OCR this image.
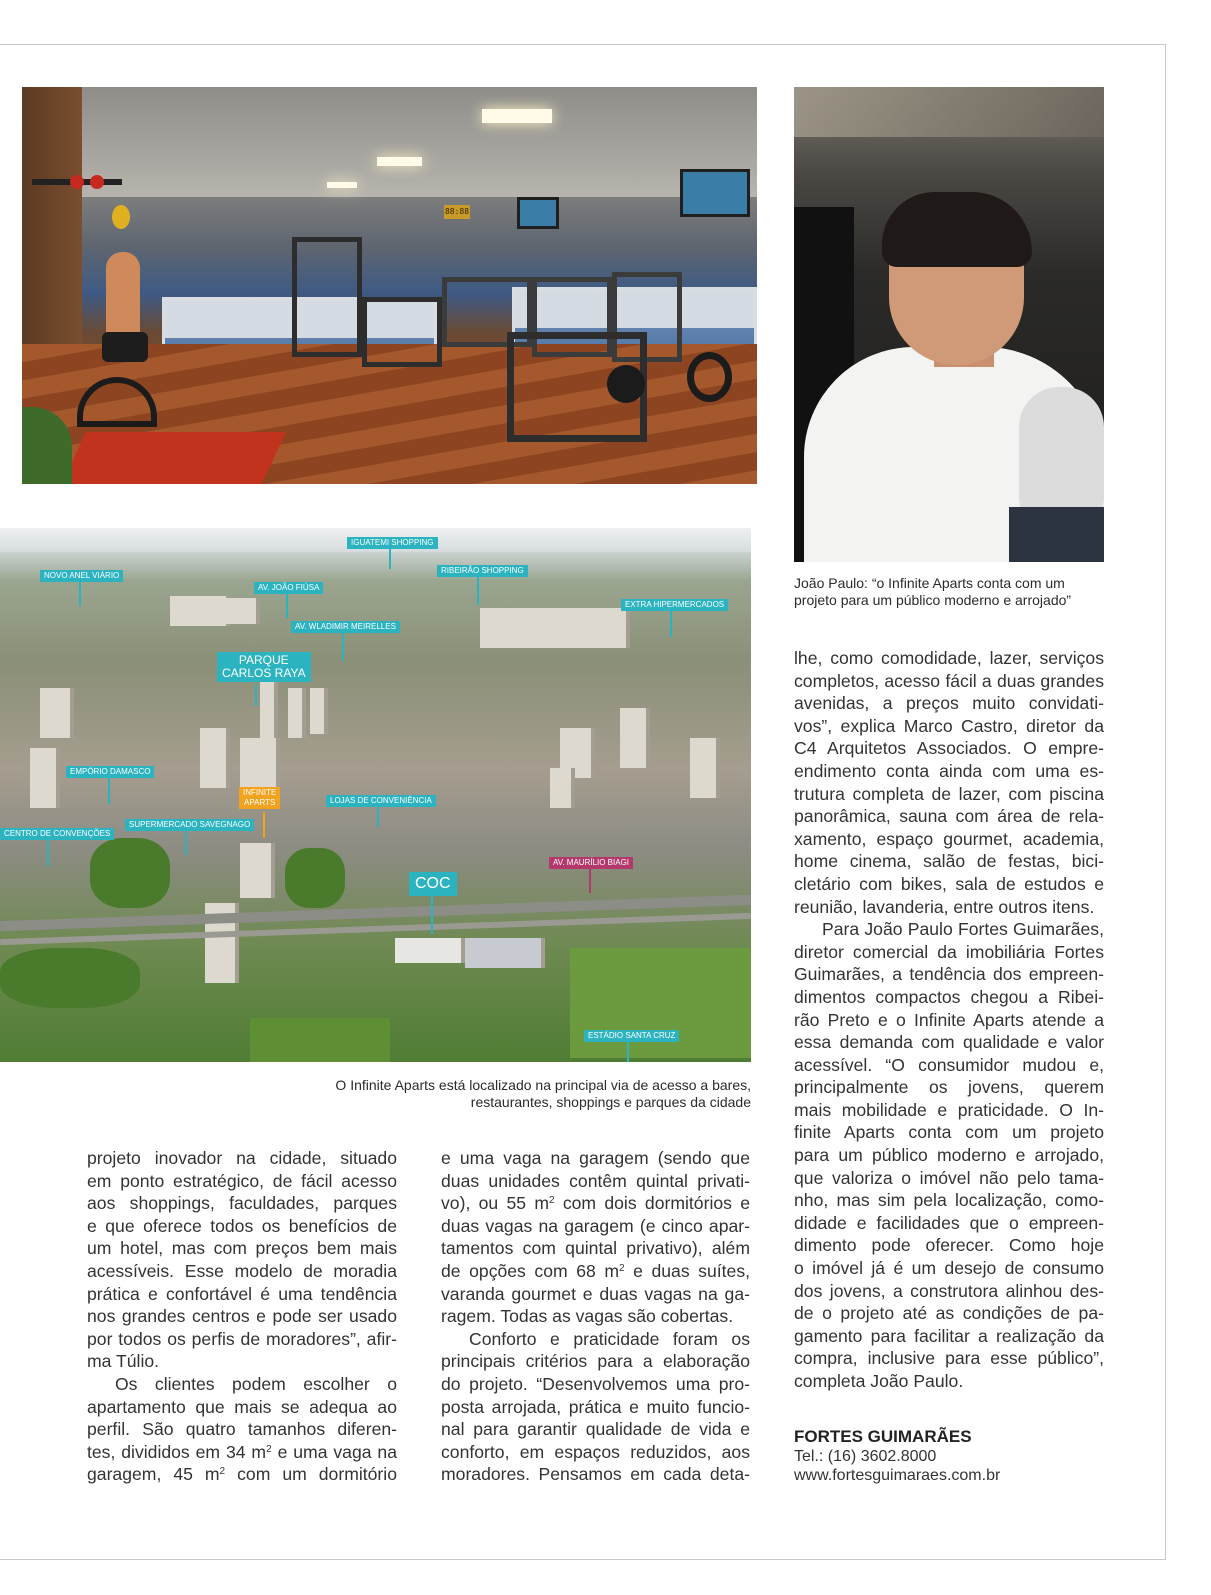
88:88
João Paulo: “o Infinite Aparts conta com um
projeto para um público moderno e arrojado”
IGUATEMI SHOPPING
NOVO ANEL VIÁRIO
RIBEIRÃO SHOPPING
AV. JOÃO FIÚSA
EXTRA HIPERMERCADOS
AV. WLADIMIR MEIRELLES
PARQUE
CARLOS RAYA
EMPÓRIO DAMASCO
INFINITE
APARTS	LOJAS DE CONVENIÊNCIA
SUPERMERCADO SAVEGNAGO
CENTRO DE CONVENÇÕES
AV. MAURÍLIO BIAGI
COC
ESTÁDIO SANTA CRUZ
O Infinite Aparts está localizado na principal via de acesso a bares,
restaurantes, shoppings e parques da cidade
projeto inovador na cidade, situado
em ponto estratégico, de fácil acesso
aos shoppings, faculdades, parques
e que oferece todos os benefícios de
um hotel, mas com preços bem mais
acessíveis. Esse modelo de moradia
prática e confortável é uma tendência
nos grandes centros e pode ser usado
por todos os perfis de moradores”, afir-
ma Túlio.
Os clientes podem escolher o
apartamento que mais se adequa ao
perfil. São quatro tamanhos diferen-
tes, divididos em 34 $m^2$ e uma vaga na
garagem, 45 $m^2$ com um dormitório
e uma vaga na garagem (sendo que
duas unidades contêm quintal privati-
vo), ou 55 $m^2$ com dois dormitórios e
duas vagas na garagem (e cinco apar-
tamentos com quintal privativo), além
de opções com 68 $m^2$ e duas suítes,
varanda gourmet e duas vagas na ga-
ragem. Todas as vagas são cobertas.
Conforto e praticidade foram os
principais critérios para a elaboração
do projeto. “Desenvolvemos uma pro-
posta arrojada, prática e muito funcio-
nal para garantir qualidade de vida e
conforto, em espaços reduzidos, aos
moradores. Pensamos em cada deta-
lhe, como comodidade, lazer, serviços
completos, acesso fácil a duas grandes
avenidas, a preços muito convidati-
vos”, explica Marco Castro, diretor da
C4 Arquitetos Associados. O empre-
endimento conta ainda com uma es-
trutura completa de lazer, com piscina
panorâmica, sauna com área de rela-
xamento, espaço gourmet, academia,
home cinema, salão de festas, bici-
cletário com bikes, sala de estudos e
reunião, lavanderia, entre outros itens.
Para João Paulo Fortes Guimarães,
diretor comercial da imobiliária Fortes
Guimarães, a tendência dos empreen-
dimentos compactos chegou a Ribei-
rão Preto e o Infinite Aparts atende a
essa demanda com qualidade e valor
acessível. “O consumidor mudou e,
principalmente os jovens, querem
mais mobilidade e praticidade. O In-
finite Aparts conta com um projeto
para um público moderno e arrojado,
que valoriza o imóvel não pelo tama-
nho, mas sim pela localização, como-
didade e facilidades que o empreen-
dimento pode oferecer. Como hoje
o imóvel já é um desejo de consumo
dos jovens, a construtora alinhou des-
de o projeto até as condições de pa-
gamento para facilitar a realização da
compra, inclusive para esse público”,
completa João Paulo.
FORTES GUIMARÃES
Tel.: (16) 3602.8000
www.fortesguimaraes.com.br
